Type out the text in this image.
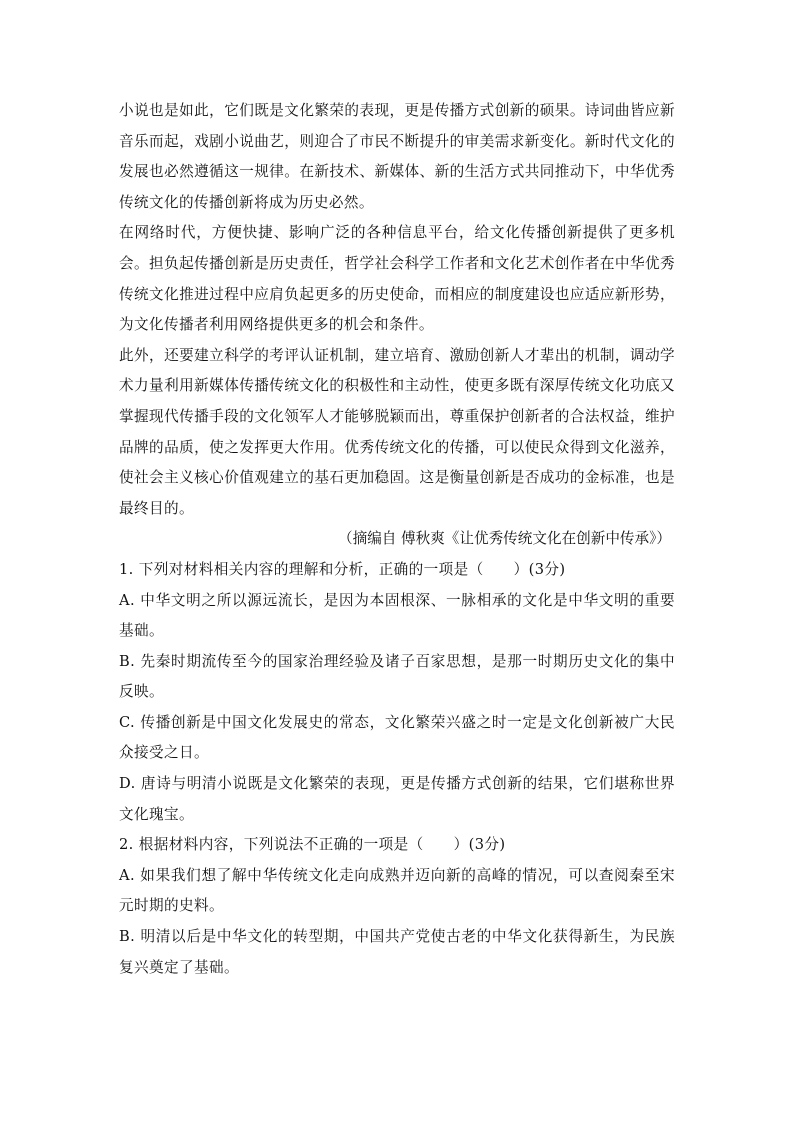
小说也是如此，它们既是文化繁荣的表现，更是传播方式创新的硕果。诗词曲皆应新音乐而起，戏剧小说曲艺，则迎合了市民不断提升的审美需求新变化。新时代文化的发展也必然遵循这一规律。在新技术、新媒体、新的生活方式共同推动下，中华优秀传统文化的传播创新将成为历史必然。

在网络时代，方便快捷、影响广泛的各种信息平台，给文化传播创新提供了更多机会。担负起传播创新是历史责任，哲学社会科学工作者和文化艺术创作者在中华优秀传统文化推进过程中应肩负起更多的历史使命，而相应的制度建设也应适应新形势，为文化传播者利用网络提供更多的机会和条件。

此外，还要建立科学的考评认证机制，建立培育、激励创新人才辈出的机制，调动学术力量利用新媒体传播传统文化的积极性和主动性，使更多既有深厚传统文化功底又掌握现代传播手段的文化领军人才能够脱颖而出，尊重保护创新者的合法权益，维护品牌的品质，使之发挥更大作用。优秀传统文化的传播，可以使民众得到文化滋养，使社会主义核心价值观建立的基石更加稳固。这是衡量创新是否成功的金标准，也是最终目的。

（摘编自 傅秋爽《让优秀传统文化在创新中传承》）

1. 下列对材料相关内容的理解和分析，正确的一项是（　　）(3分)

A. 中华文明之所以源远流长，是因为本固根深、一脉相承的文化是中华文明的重要基础。

B. 先秦时期流传至今的国家治理经验及诸子百家思想，是那一时期历史文化的集中反映。

C. 传播创新是中国文化发展史的常态，文化繁荣兴盛之时一定是文化创新被广大民众接受之日。

D. 唐诗与明清小说既是文化繁荣的表现，更是传播方式创新的结果，它们堪称世界文化瑰宝。

2. 根据材料内容，下列说法不正确的一项是（　　）(3分)

A. 如果我们想了解中华传统文化走向成熟并迈向新的高峰的情况，可以查阅秦至宋元时期的史料。

B. 明清以后是中华文化的转型期，中国共产党使古老的中华文化获得新生，为民族复兴奠定了基础。
